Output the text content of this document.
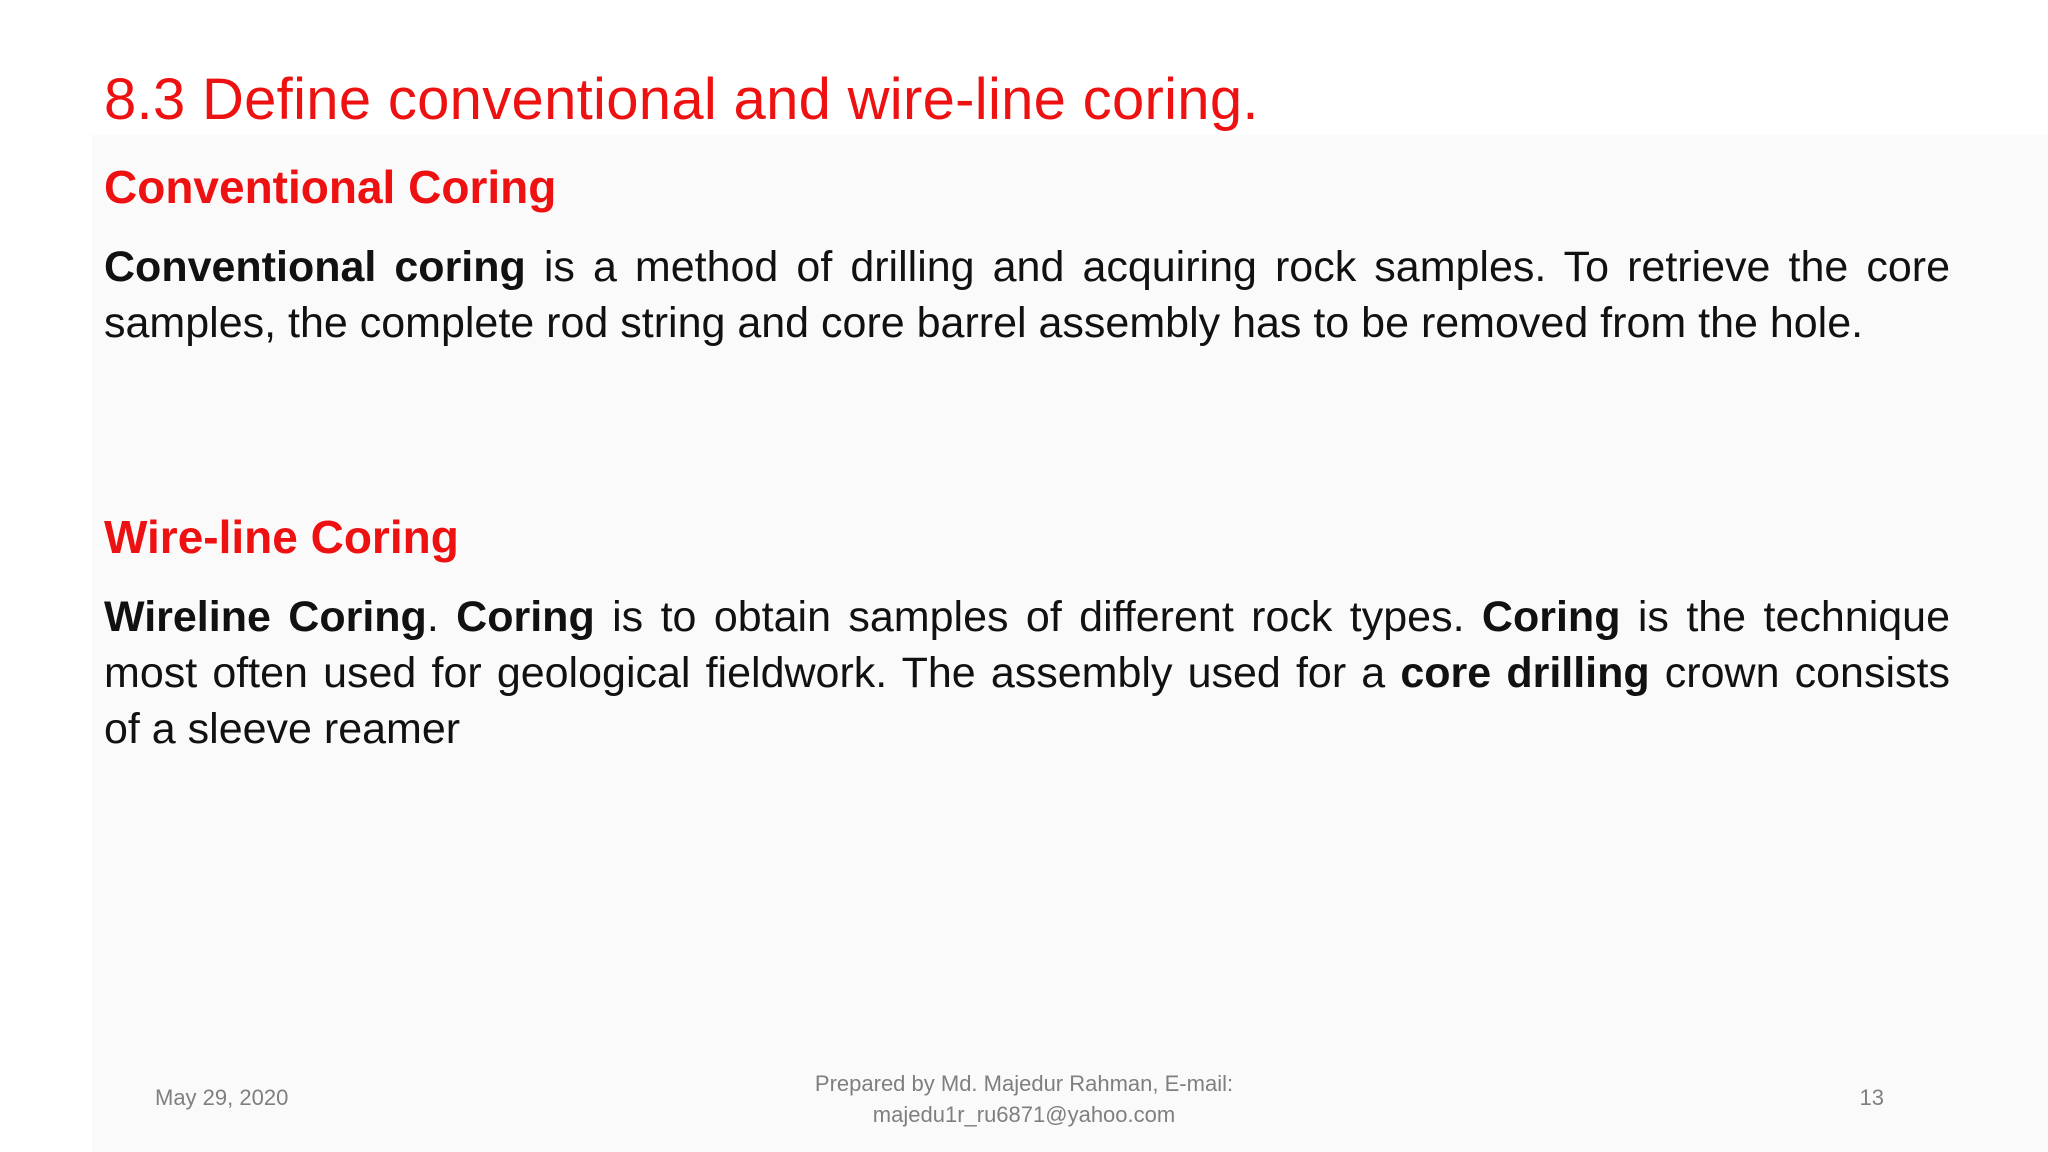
8.3 Define conventional and wire-line coring.
Conventional Coring

Conventional coring is a method of drilling and acquiring rock samples. To retrieve the core samples, the complete rod string and core barrel assembly has to be removed from the hole.

Wire-line Coring

Wireline Coring. Coring is to obtain samples of different rock types. Coring is the technique most often used for geological fieldwork. The assembly used for a core drilling crown consists of a sleeve reamer

May 29, 2020
Prepared by Md. Majedur Rahman, E-mail:
majedu1r_ru6871@yahoo.com
13
